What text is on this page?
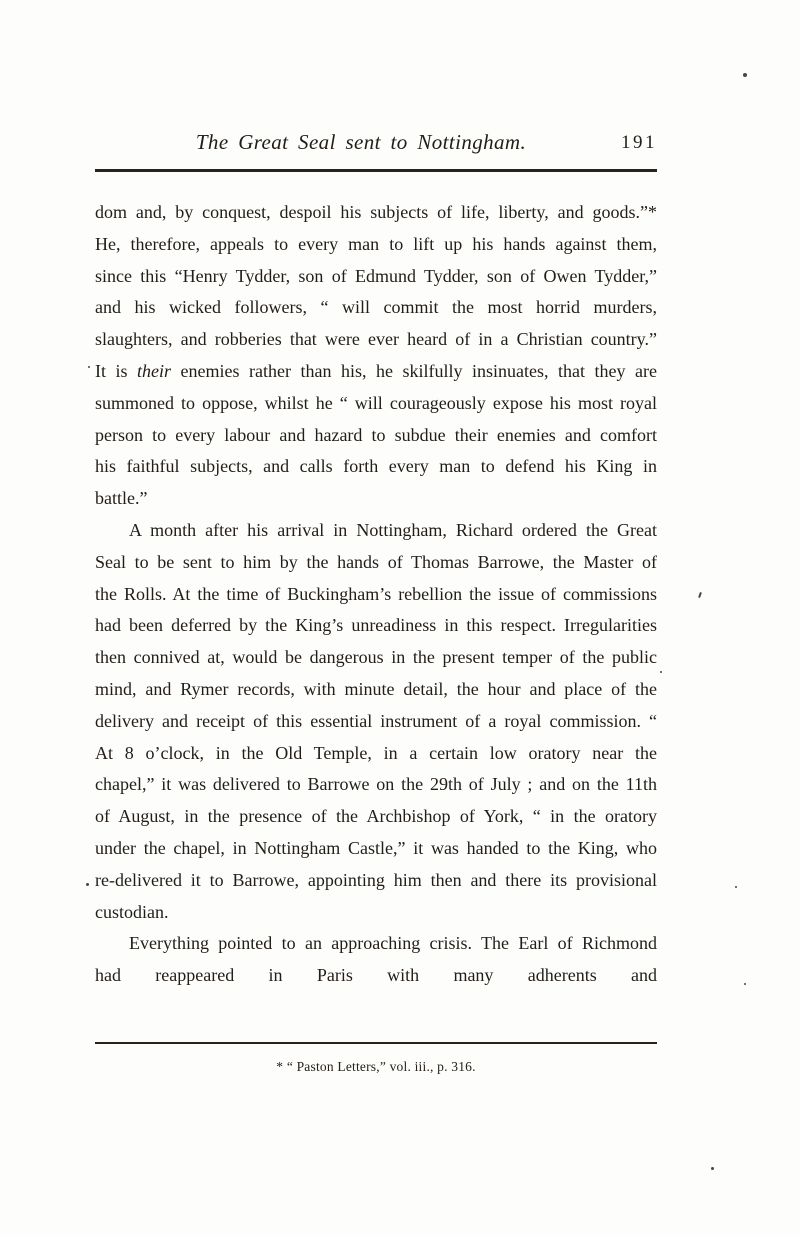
The Great Seal sent to Nottingham.	191

dom and, by conquest, despoil his subjects of life, liberty, and goods.”* He, therefore, appeals to every man to lift up his hands against them, since this “Henry Tydder, son of Edmund Tydder, son of Owen Tydder,” and his wicked followers, “ will commit the most horrid murders, slaughters, and robberies that were ever heard of in a Christian country.” It is their enemies rather than his, he skilfully insinuates, that they are summoned to oppose, whilst he “ will courageously expose his most royal person to every labour and hazard to subdue their enemies and comfort his faithful subjects, and calls forth every man to defend his King in battle.”

A month after his arrival in Nottingham, Richard ordered the Great Seal to be sent to him by the hands of Thomas Barrowe, the Master of the Rolls. At the time of Buckingham’s rebellion the issue of commissions had been deferred by the King’s unreadiness in this respect. Irregularities then connived at, would be dangerous in the present temper of the public mind, and Rymer records, with minute detail, the hour and place of the delivery and receipt of this essential instrument of a royal commission. “ At 8 o’clock, in the Old Temple, in a certain low oratory near the chapel,” it was delivered to Barrowe on the 29th of July ; and on the 11th of August, in the presence of the Archbishop of York, “ in the oratory under the chapel, in Nottingham Castle,” it was handed to the King, who re-delivered it to Barrowe, appointing him then and there its provisional custodian.

Everything pointed to an approaching crisis. The Earl of Richmond had reappeared in Paris with many adherents and

* “ Paston Letters,” vol. iii., p. 316.
